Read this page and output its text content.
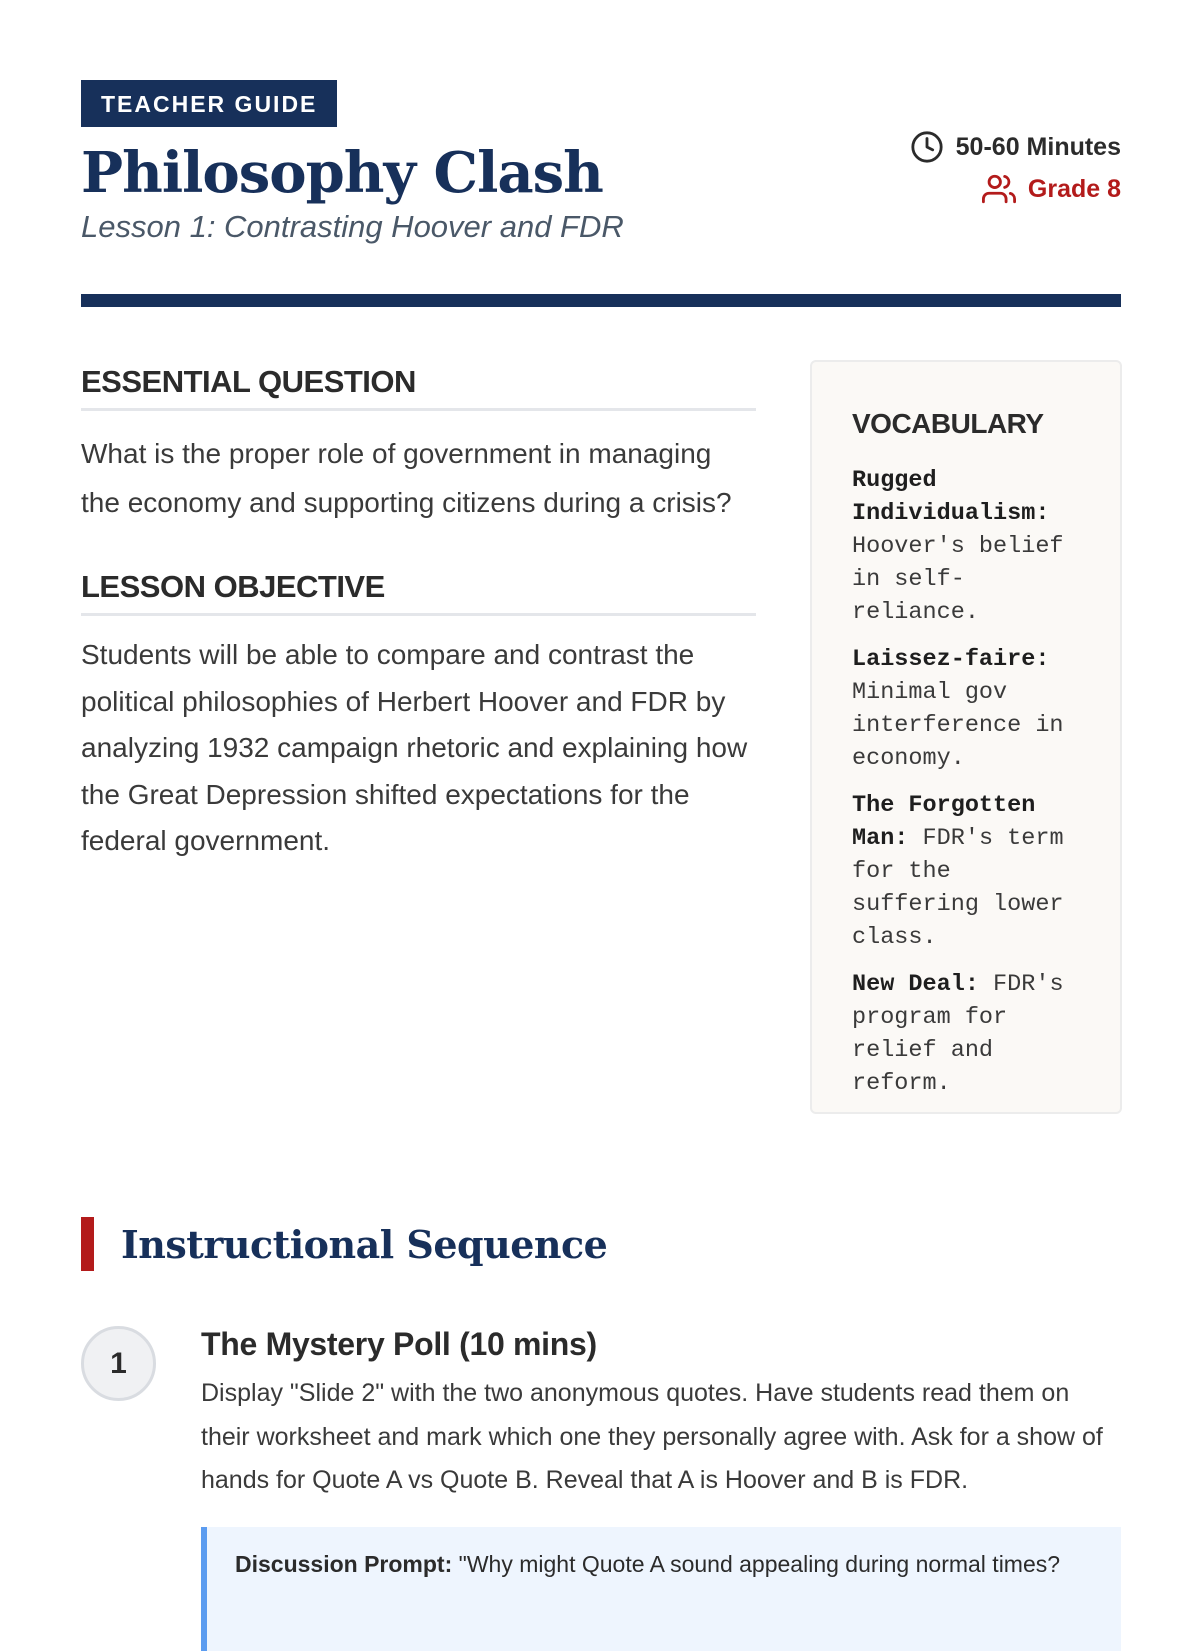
TEACHER GUIDE
Philosophy Clash
Lesson 1: Contrasting Hoover and FDR
50-60 Minutes
Grade 8
ESSENTIAL QUESTION

What is the proper role of government in managing the economy and supporting citizens during a crisis?

LESSON OBJECTIVE

Students will be able to compare and contrast the political philosophies of Herbert Hoover and FDR by analyzing 1932 campaign rhetoric and explaining how the Great Depression shifted expectations for the federal government.

VOCABULARY
Rugged Individualism: Hoover's belief in self-reliance.
Laissez-faire: Minimal gov interference in economy.
The Forgotten Man: FDR's term for the suffering lower class.
New Deal: FDR's program for relief and reform.
Instructional Sequence
1
The Mystery Poll (10 mins)

Display "Slide 2" with the two anonymous quotes. Have students read them on their worksheet and mark which one they personally agree with. Ask for a show of hands for Quote A vs Quote B. Reveal that A is Hoover and B is FDR.

Discussion Prompt: "Why might Quote A sound appealing during normal times?
